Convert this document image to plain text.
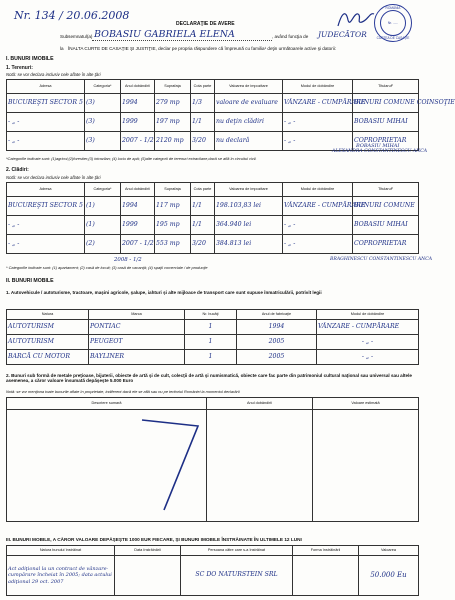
Nr. 134 / 20.06.2008
DECLARAŢIE DE AVERE
ROMÂNIA
Nr. ......
CURTEA DE CASAŢIE
Subsemnatul(a) BOBASIU GABRIELA ELENA	, având funcţia de JUDECĂTOR
la ÎNALTA CURTE DE CASAŢIE ŞI JUSTIŢIE, declar pe propria răspundere că împreună cu familia¹ deţin următoarele active şi datorii:
I. BUNURI IMOBILE
1. Terenuri:
Notă: se vor declara inclusiv cele aflate în alte ţări
Adresa	Categoria*	Anul dobândirii	Suprafaţa	Cota parte	Valoarea de impozitare	Modul de dobândire	Titularul²
BUCUREŞTI SECTOR 5	(3)	1994	279 mp	1/3	valoare de evaluare	VÂNZARE - CUMPĂRARE	BUNURI COMUNE COINSOŢIE
- „ -	(3)	1999	197 mp	1/1	nu deţin clădiri	- „ -	BOBASIU MIHAI
- „ -	(3)	2007 - 1/2	2120 mp	3/20	nu declară	- „ -	COPROPRIETAR
BOBASIU MIHAI
ALEXANDRA CONSTANTINESCU ANCA
*Categoriile indicate sunt: (1)agricol;(2)forestier;(3) intravilan; (4) luciu de apă; (5)alte categorii de terenuri extravilane,dacă se află în circuitul civil.
2. Clădiri:
Notă: se vor declara inclusiv cele aflate în alte ţări
Adresa	Categoria*	Anul dobândirii	Suprafaţa	Cota parte	Valoarea de impozitare	Modul de dobândire	Titularul²
BUCUREŞTI SECTOR 5	(1)	1994	117 mp	1/1	198.103,83 lei	VÂNZARE - CUMPĂRARE	BUNURI COMUNE
- „ -	(1)	1999	195 mp	1/1	364.940 lei	- „ -	BOBASIU MIHAI
- „ -	(2)	2007 - 1/2	553 mp	3/20	384.813 lei	- „ -	COPROPRIETAR
2008 - 1/2	BRAGHINESCU CONSTANTINESCU ANCA
* Categoriile indicate sunt: (1) apartament; (2) casă de locuit; (3) casă de vacanţă; (4) spaţii comerciale / de producţie
II. BUNURI MOBILE
1. Autovehicule / autoturisme, tractoare, maşini agricole, şalupe, iahturi şi alte mijloace de transport care sunt supuse înmatriculării, potrivit legii
Natura	Marca	Nr. bucăţi	Anul de fabricaţie	Modul de dobândire
AUTOTURISM	PONTIAC	1	1994	VÂNZARE - CUMPĂRARE
AUTOTURISM	PEUGEOT	1	2005	- „ -
BARCĂ CU MOTOR	BAYLINER	1	2005	- „ -
2. Bunuri sub formă de metale preţioase, bijuterii, obiecte de artă şi de cult, colecţii de artă şi numismatică, obiecte care fac parte din patrimoniul cultural naţional sau universal sau altele asemenea, a căror valoare însumată depăşeşte 5.000 Euro
Notă: se vor menţiona toate bunurile aflate în proprietate, indiferent dacă ele se află sau nu pe teritoriul României la momentul declarării
Descriere sumară	Anul dobândirii	Valoare estimată

III. BUNURI MOBILE, A CĂROR VALOARE DEPĂŞEŞTE 1000 EUR FIECARE, ŞI BUNURI IMOBILE ÎNSTRĂINATE ÎN ULTIMELE 12 LUNI
Natura bunului înstrăinat	Data înstrăinării	Persoana către care s-a înstrăinat	Forma înstrăinării	Valoarea
Act adiţional la un contract de vânzare-cumpărare încheiat în 2005; data actului adiţional 29 oct. 2007		SC DO NATURSTEIN SRL		50.000 Eu
